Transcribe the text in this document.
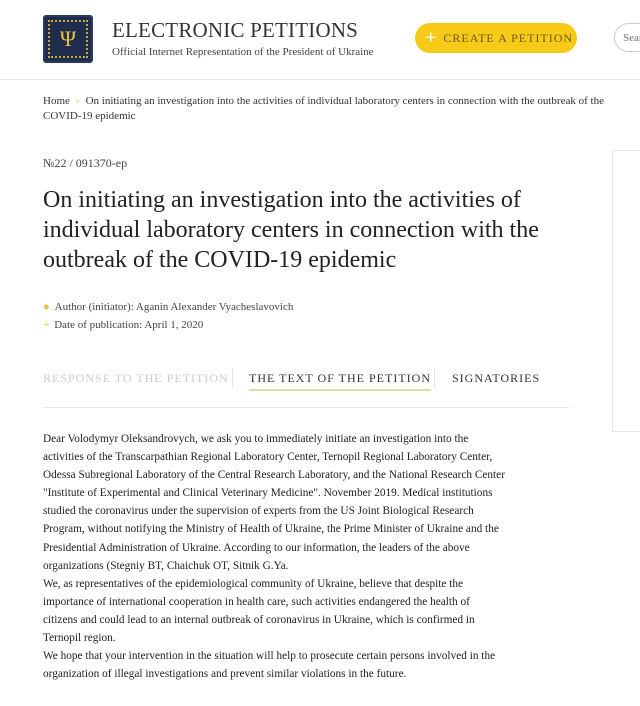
Ψ	ELECTRONIC PETITIONS
Official Internet Representation of the President of Ukraine
+ CREATE A PETITION
Search
Home › On initiating an investigation into the activities of individual laboratory centers in connection with the outbreak of the COVID-19 epidemic
№22 / 091370-ep
On initiating an investigation into the activities of individual laboratory centers in connection with the outbreak of the COVID-19 epidemic
● Author (initiator): Aganin Alexander Vyacheslavovich
+ Date of publication: April 1, 2020
RESPONSE TO THE PETITION THE TEXT OF THE PETITION SIGNATORIES
Dear Volodymyr Oleksandrovych, we ask you to immediately initiate an investigation into the
activities of the Transcarpathian Regional Laboratory Center, Ternopil Regional Laboratory Center,
Odessa Subregional Laboratory of the Central Research Laboratory, and the National Research Center
"Institute of Experimental and Clinical Veterinary Medicine". November 2019. Medical institutions
studied the coronavirus under the supervision of experts from the US Joint Biological Research
Program, without notifying the Ministry of Health of Ukraine, the Prime Minister of Ukraine and the
Presidential Administration of Ukraine. According to our information, the leaders of the above
organizations (Stegniy BT, Chaichuk OT, Sitnik G.Ya.
We, as representatives of the epidemiological community of Ukraine, believe that despite the
importance of international cooperation in health care, such activities endangered the health of
citizens and could lead to an internal outbreak of coronavirus in Ukraine, which is confirmed in
Ternopil region.
We hope that your intervention in the situation will help to prosecute certain persons involved in the
organization of illegal investigations and prevent similar violations in the future.
